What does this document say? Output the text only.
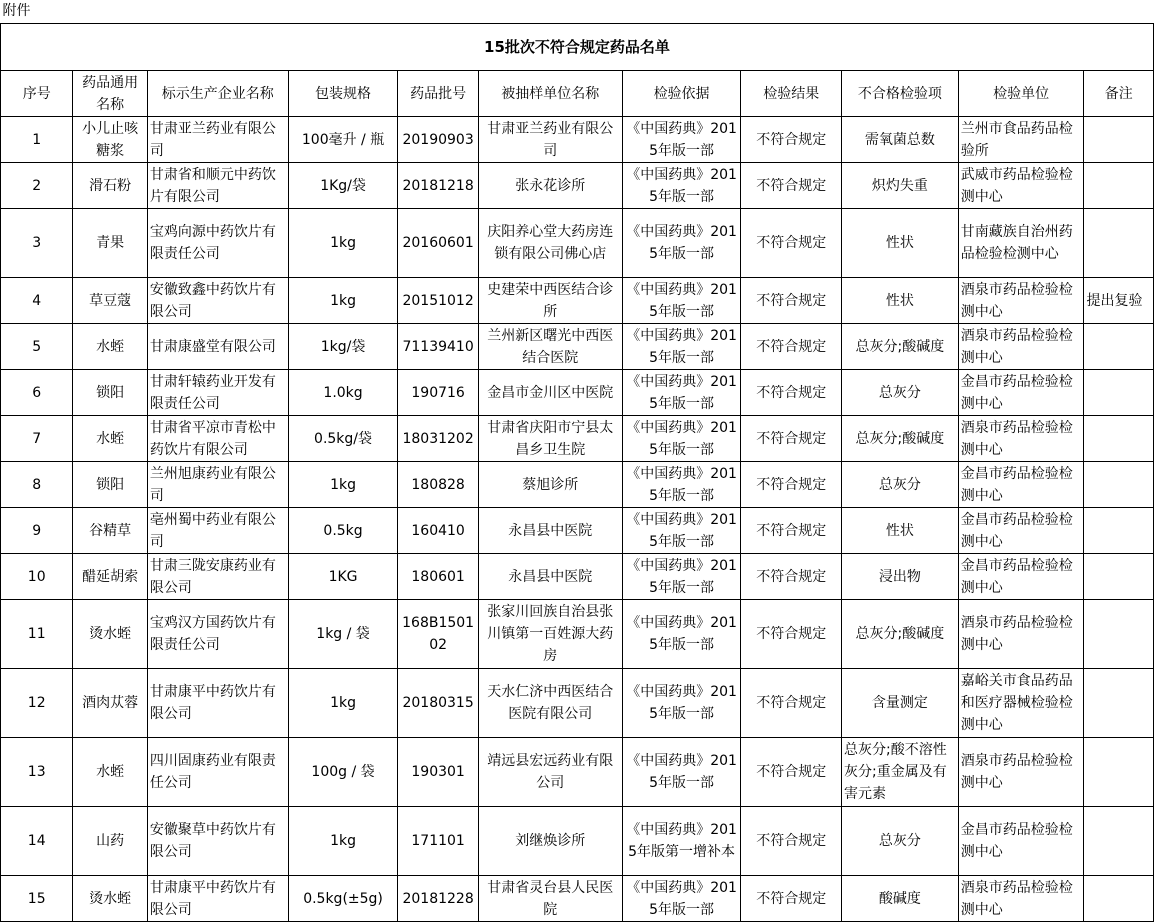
附件										
15批次不符合规定药品名单										
序号	药品通用名称	标示生产企业名称	包装规格	药品批号	被抽样单位名称	检验依据	检验结果	不合格检验项	检验单位	备注
1	小儿止咳糖浆	甘肃亚兰药业有限公司	100毫升 / 瓶	20190903	甘肃亚兰药业有限公司	《中国药典》2015年版一部	不符合规定	需氧菌总数	兰州市食品药品检验所	
2	滑石粉	甘肃省和顺元中药饮片有限公司	1Kg/袋	20181218	张永花诊所	《中国药典》2015年版一部	不符合规定	炽灼失重	武威市药品检验检测中心	
3	青果	宝鸡向源中药饮片有限责任公司	1kg	20160601	庆阳养心堂大药房连锁有限公司佛心店	《中国药典》2015年版一部	不符合规定	性状	甘南藏族自治州药品检验检测中心	
4	草豆蔻	安徽致鑫中药饮片有限公司	1kg	20151012	史建荣中西医结合诊所	《中国药典》2015年版一部	不符合规定	性状	酒泉市药品检验检测中心	提出复验
5	水蛭	甘肃康盛堂有限公司	1kg/袋	71139410	兰州新区曙光中西医结合医院	《中国药典》2015年版一部	不符合规定	总灰分;酸碱度	酒泉市药品检验检测中心	
6	锁阳	甘肃轩辕药业开发有限责任公司	1.0kg	190716	金昌市金川区中医院	《中国药典》2015年版一部	不符合规定	总灰分	金昌市药品检验检测中心	
7	水蛭	甘肃省平凉市青松中药饮片有限公司	0.5kg/袋	18031202	甘肃省庆阳市宁县太昌乡卫生院	《中国药典》2015年版一部	不符合规定	总灰分;酸碱度	酒泉市药品检验检测中心	
8	锁阳	兰州旭康药业有限公司	1kg	180828	蔡旭诊所	《中国药典》2015年版一部	不符合规定	总灰分	金昌市药品检验检测中心	
9	谷精草	亳州蜀中药业有限公司	0.5kg	160410	永昌县中医院	《中国药典》2015年版一部	不符合规定	性状	金昌市药品检验检测中心	
10	醋延胡索	甘肃三陇安康药业有限公司	1KG	180601	永昌县中医院	《中国药典》2015年版一部	不符合规定	浸出物	金昌市药品检验检测中心	
11	烫水蛭	宝鸡汉方国药饮片有限责任公司	1kg / 袋	168B150102	张家川回族自治县张川镇第一百姓源大药房	《中国药典》2015年版一部	不符合规定	总灰分;酸碱度	酒泉市药品检验检测中心	
12	酒肉苁蓉	甘肃康平中药饮片有限公司	1kg	20180315	天水仁济中西医结合医院有限公司	《中国药典》2015年版一部	不符合规定	含量测定	嘉峪关市食品药品和医疗器械检验检测中心	
13	水蛭	四川固康药业有限责任公司	100g / 袋	190301	靖远县宏远药业有限公司	《中国药典》2015年版一部	不符合规定	总灰分;酸不溶性灰分;重金属及有害元素	酒泉市药品检验检测中心	
14	山药	安徽聚草中药饮片有限公司	1kg	171101	刘继焕诊所	《中国药典》2015年版第一增补本	不符合规定	总灰分	金昌市药品检验检测中心	
15	烫水蛭	甘肃康平中药饮片有限公司	0.5kg(±5g)	20181228	甘肃省灵台县人民医院	《中国药典》2015年版一部	不符合规定	酸碱度	酒泉市药品检验检测中心	
